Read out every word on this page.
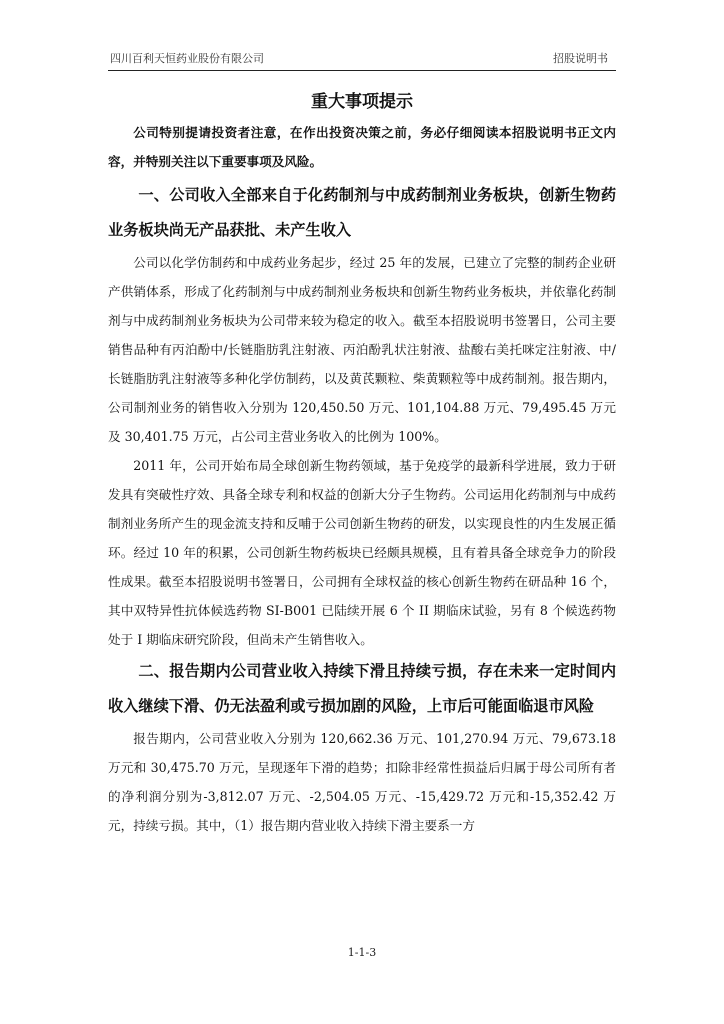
四川百利天恒药业股份有限公司	招股说明书
重大事项提示

公司特别提请投资者注意，在作出投资决策之前，务必仔细阅读本招股说明书正文内容，并特别关注以下重要事项及风险。

一、公司收入全部来自于化药制剂与中成药制剂业务板块，创新生物药业务板块尚无产品获批、未产生收入

公司以化学仿制药和中成药业务起步，经过 25 年的发展，已建立了完整的制药企业研产供销体系，形成了化药制剂与中成药制剂业务板块和创新生物药业务板块，并依靠化药制剂与中成药制剂业务板块为公司带来较为稳定的收入。截至本招股说明书签署日，公司主要销售品种有丙泊酚中/长链脂肪乳注射液、丙泊酚乳状注射液、盐酸右美托咪定注射液、中/长链脂肪乳注射液等多种化学仿制药，以及黄芪颗粒、柴黄颗粒等中成药制剂。报告期内，公司制剂业务的销售收入分别为 120,450.50 万元、101,104.88 万元、79,495.45 万元及 30,401.75 万元，占公司主营业务收入的比例为 100%。

2011 年，公司开始布局全球创新生物药领域，基于免疫学的最新科学进展，致力于研发具有突破性疗效、具备全球专利和权益的创新大分子生物药。公司运用化药制剂与中成药制剂业务所产生的现金流支持和反哺于公司创新生物药的研发，以实现良性的内生发展正循环。经过 10 年的积累，公司创新生物药板块已经颇具规模，且有着具备全球竞争力的阶段性成果。截至本招股说明书签署日，公司拥有全球权益的核心创新生物药在研品种 16 个，其中双特异性抗体候选药物 SI-B001 已陆续开展 6 个 II 期临床试验，另有 8 个候选药物处于 I 期临床研究阶段，但尚未产生销售收入。

二、报告期内公司营业收入持续下滑且持续亏损，存在未来一定时间内收入继续下滑、仍无法盈利或亏损加剧的风险，上市后可能面临退市风险

报告期内，公司营业收入分别为 120,662.36 万元、101,270.94 万元、79,673.18 万元和 30,475.70 万元，呈现逐年下滑的趋势；扣除非经常性损益后归属于母公司所有者的净利润分别为-3,812.07 万元、-2,504.05 万元、-15,429.72 万元和-15,352.42 万元，持续亏损。其中，（1）报告期内营业收入持续下滑主要系一方

1-1-3
